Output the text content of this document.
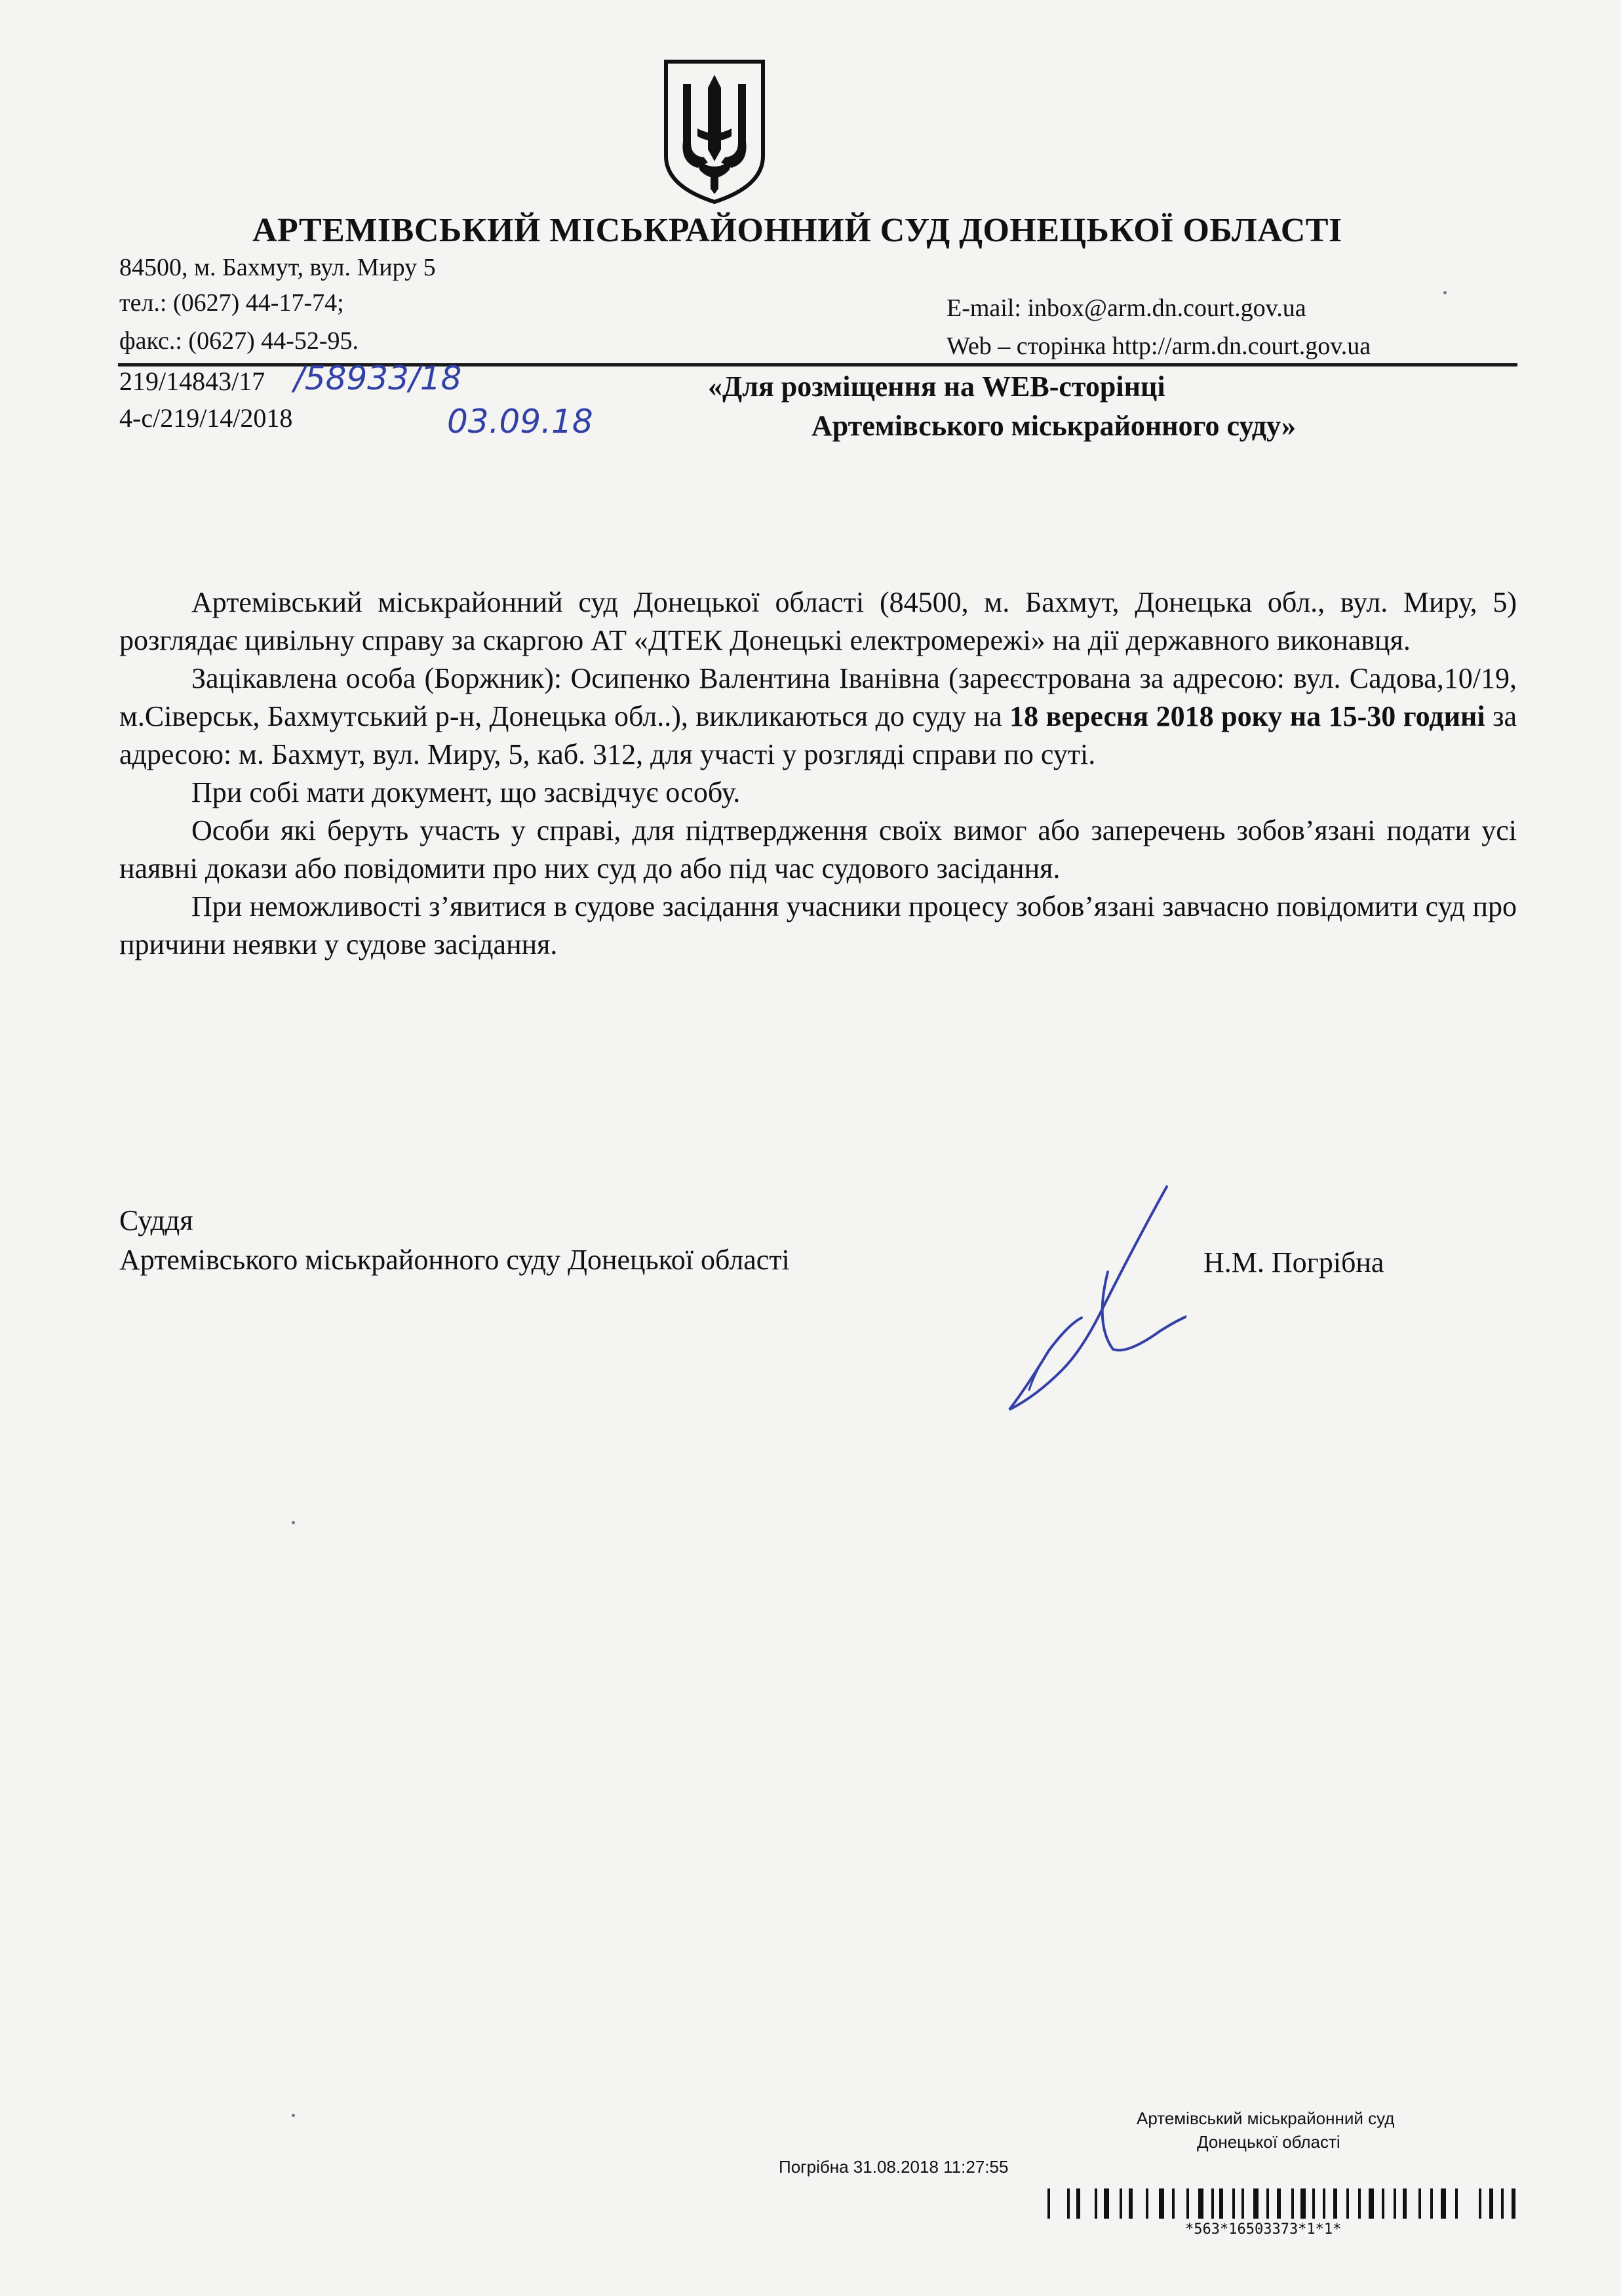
АРТЕМІВСЬКИЙ МІСЬКРАЙОННИЙ СУД ДОНЕЦЬКОЇ ОБЛАСТІ
84500, м. Бахмут, вул. Миру 5
тел.: (0627) 44-17-74;
факс.: (0627) 44-52-95.
E-mail: inbox@arm.dn.court.gov.ua
Web – сторінка http://arm.dn.court.gov.ua
219/14843/17 /58933/18
4-с/219/14/2018	03.09.18
«Для розміщення на WEB-сторінці
Артемівського міськрайонного суду»

Артемівський міськрайонний суд Донецької області (84500, м. Бахмут, Донецька обл., вул. Миру, 5) розглядає цивільну справу за скаргою АТ «ДТЕК Донецькі електромережі» на дії державного виконавця.

Зацікавлена особа (Боржник): Осипенко Валентина Іванівна (зареєстрована за адресою: вул. Садова,10/19, м.Сіверськ, Бахмутський р-н, Донецька обл..), викликаються до суду на 18 вересня 2018 року на 15-30 годині за адресою: м. Бахмут, вул. Миру, 5, каб. 312, для участі у розгляді справи по суті.

При собі мати документ, що засвідчує особу.

Особи які беруть участь у справі, для підтвердження своїх вимог або заперечень зобов’язані подати усі наявні докази або повідомити про них суд до або під час судового засідання.

При неможливості з’явитися в судове засідання учасники процесу зобов’язані завчасно повідомити суд про причини неявки у судове засідання.

Суддя
Артемівського міськрайонного суду Донецької області	Н.М. Погрібна
Артемівський міськрайонний суд
Донецької області
Погрібна 31.08.2018 11:27:55
*563*16503373*1*1*
